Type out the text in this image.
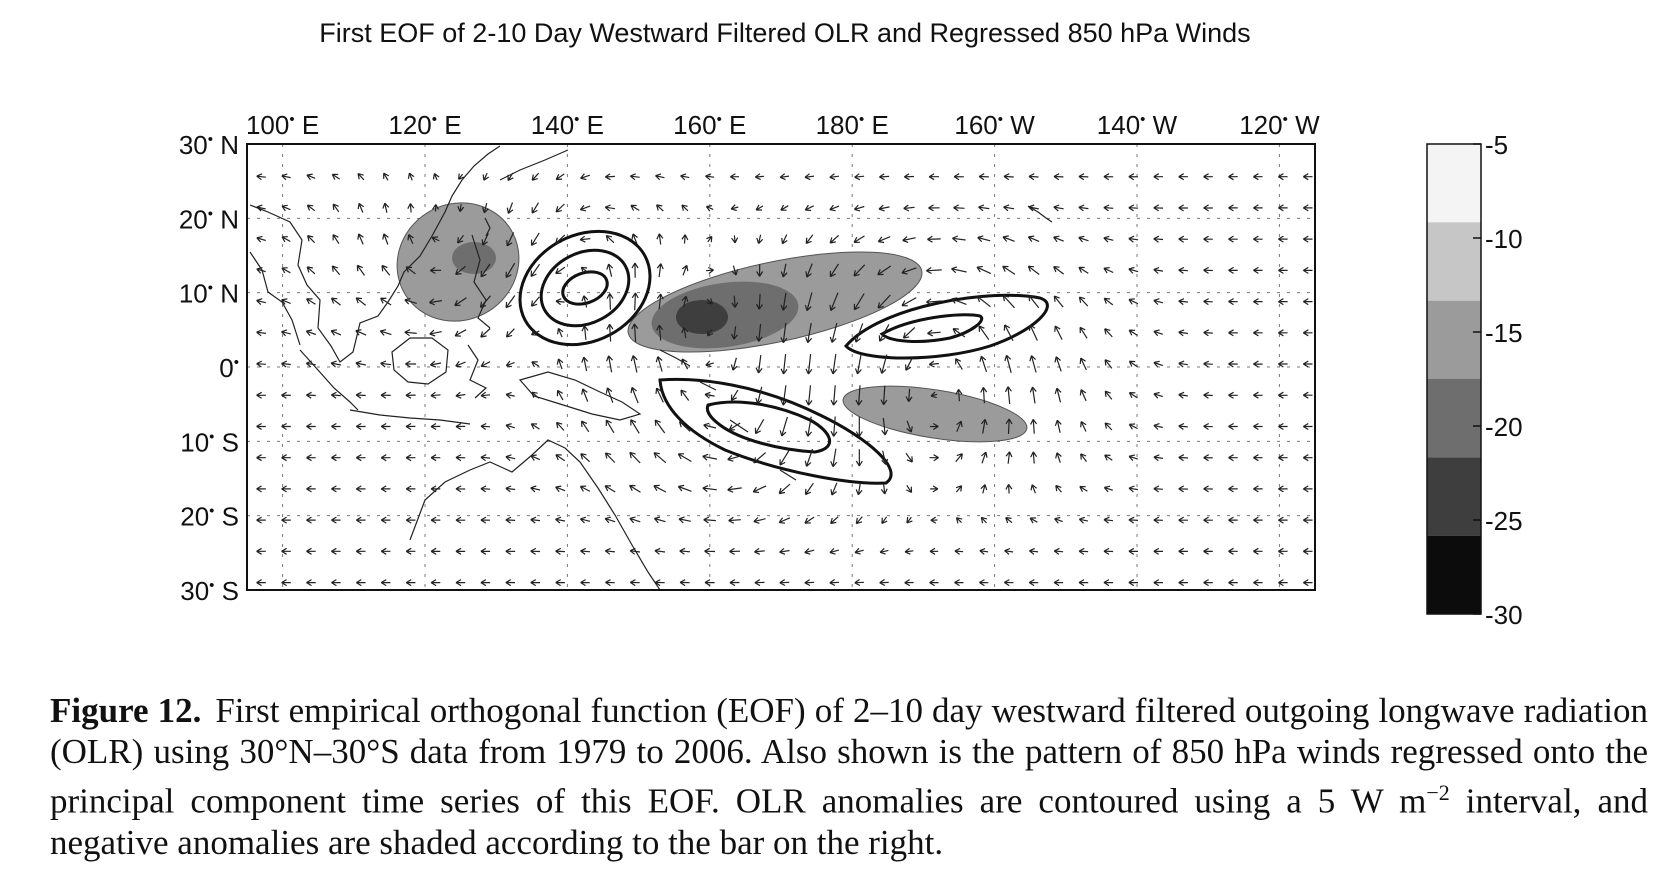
First EOF of 2-10 Day Westward Filtered OLR and Regressed 850 hPa Winds
100• E	120• E	140• E	160• E	180• E	160• W 140• W 120• W
30• N
20• N
10• N
0•
10• S
20• S
30• S
-5
-10
-15
-20
-25
-30
Figure 12. First empirical orthogonal function (EOF) of 2–10 day westward filtered outgoing longwave radiation (OLR) using 30°N–30°S data from 1979 to 2006. Also shown is the pattern of 850 hPa winds regressed onto the principal component time series of this EOF. OLR anomalies are contoured using a 5 W $m^{-2}$ interval, and negative anomalies are shaded according to the bar on the right.
